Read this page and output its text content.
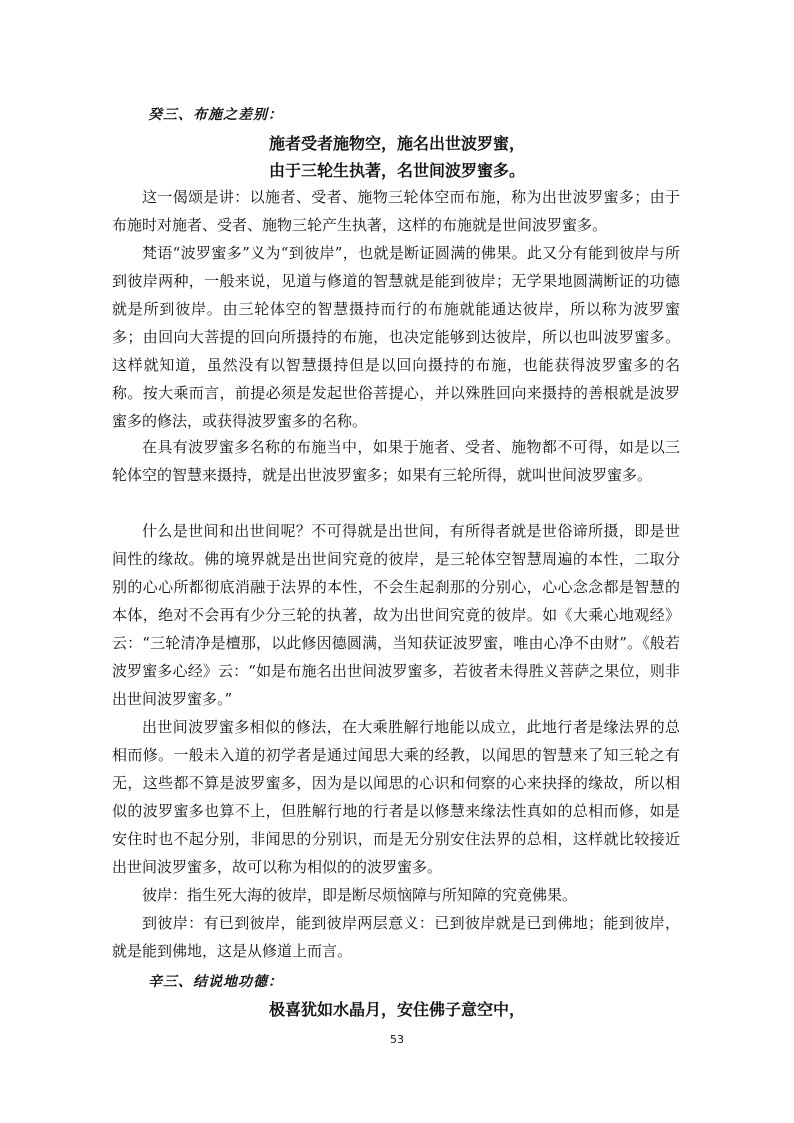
癸三、布施之差别：
施者受者施物空，施名出世波罗蜜，
由于三轮生执著，名世间波罗蜜多。

这一偈颂是讲：以施者、受者、施物三轮体空而布施，称为出世波罗蜜多；由于布施时对施者、受者、施物三轮产生执著，这样的布施就是世间波罗蜜多。

梵语“波罗蜜多”义为“到彼岸”，也就是断证圆满的佛果。此又分有能到彼岸与所到彼岸两种，一般来说，见道与修道的智慧就是能到彼岸；无学果地圆满断证的功德就是所到彼岸。由三轮体空的智慧摄持而行的布施就能通达彼岸，所以称为波罗蜜多；由回向大菩提的回向所摄持的布施，也决定能够到达彼岸，所以也叫波罗蜜多。这样就知道，虽然没有以智慧摄持但是以回向摄持的布施，也能获得波罗蜜多的名称。按大乘而言，前提必须是发起世俗菩提心，并以殊胜回向来摄持的善根就是波罗蜜多的修法，或获得波罗蜜多的名称。

在具有波罗蜜多名称的布施当中，如果于施者、受者、施物都不可得，如是以三轮体空的智慧来摄持，就是出世波罗蜜多；如果有三轮所得，就叫世间波罗蜜多。

什么是世间和出世间呢？不可得就是出世间，有所得者就是世俗谛所摄，即是世间性的缘故。佛的境界就是出世间究竟的彼岸，是三轮体空智慧周遍的本性，二取分别的心心所都彻底消融于法界的本性，不会生起刹那的分别心，心心念念都是智慧的本体，绝对不会再有少分三轮的执著，故为出世间究竟的彼岸。如《大乘心地观经》云：“三轮清净是檀那，以此修因德圆满，当知获证波罗蜜，唯由心净不由财”。《般若波罗蜜多心经》云：“如是布施名出世间波罗蜜多，若彼者未得胜义菩萨之果位，则非出世间波罗蜜多。”

出世间波罗蜜多相似的修法，在大乘胜解行地能以成立，此地行者是缘法界的总相而修。一般未入道的初学者是通过闻思大乘的经教，以闻思的智慧来了知三轮之有无，这些都不算是波罗蜜多，因为是以闻思的心识和伺察的心来抉择的缘故，所以相似的波罗蜜多也算不上，但胜解行地的行者是以修慧来缘法性真如的总相而修，如是安住时也不起分别，非闻思的分别识，而是无分别安住法界的总相，这样就比较接近出世间波罗蜜多，故可以称为相似的的波罗蜜多。

彼岸：指生死大海的彼岸，即是断尽烦恼障与所知障的究竟佛果。

到彼岸：有已到彼岸，能到彼岸两层意义：已到彼岸就是已到佛地；能到彼岸，就是能到佛地，这是从修道上而言。

辛三、结说地功德：
极喜犹如水晶月，安住佛子意空中，
53
